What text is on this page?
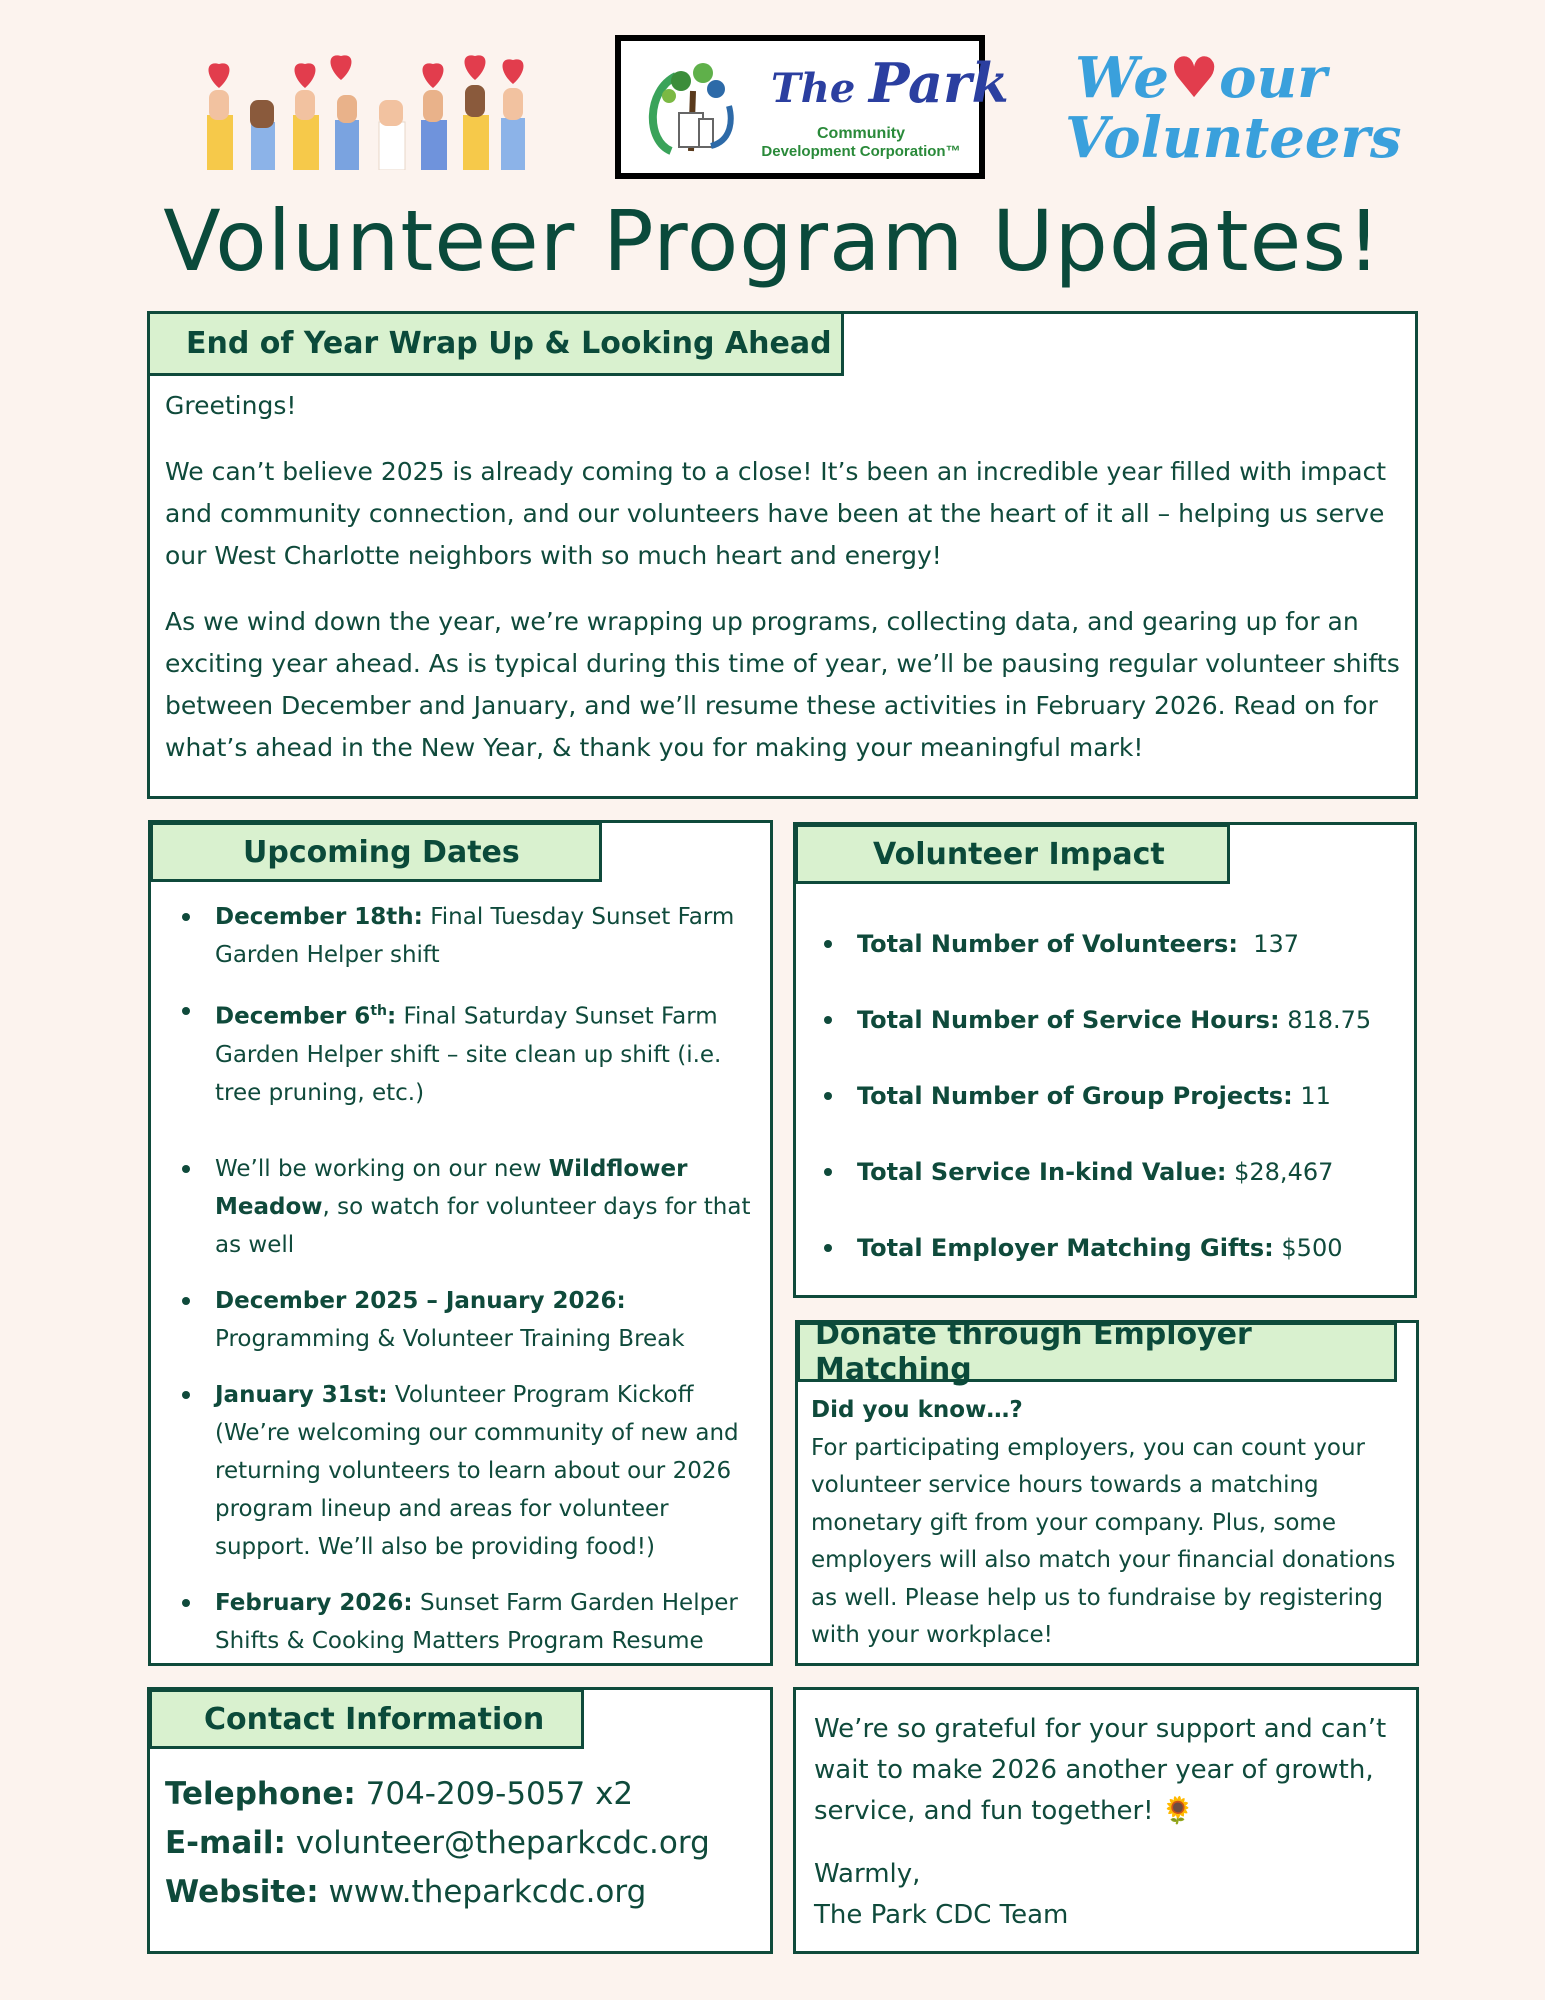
The Park
Community
Development Corporation™
We♥our
Volunteers
Volunteer Program Updates!
End of Year Wrap Up & Looking Ahead

Greetings!

We can’t believe 2025 is already coming to a close! It’s been an incredible year filled with impact and community connection, and our volunteers have been at the heart of it all – helping us serve our West Charlotte neighbors with so much heart and energy!

As we wind down the year, we’re wrapping up programs, collecting data, and gearing up for an exciting year ahead. As is typical during this time of year, we’ll be pausing regular volunteer shifts between December and January, and we’ll resume these activities in February 2026. Read on for what’s ahead in the New Year, & thank you for making your meaningful mark!

Upcoming Dates
December 18th: Final Tuesday Sunset Farm Garden Helper shift
December 6th: Final Saturday Sunset Farm Garden Helper shift – site clean up shift (i.e. tree pruning, etc.)
We’ll be working on our new Wildflower Meadow, so watch for volunteer days for that as well
December 2025 – January 2026:
Programming & Volunteer Training Break
January 31st: Volunteer Program Kickoff (We’re welcoming our community of new and returning volunteers to learn about our 2026 program lineup and areas for volunteer support. We’ll also be providing food!)
February 2026: Sunset Farm Garden Helper Shifts & Cooking Matters Program Resume
Volunteer Impact
Total Number of Volunteers: 137
Total Number of Service Hours: 818.75
Total Number of Group Projects: 11
Total Service In-kind Value: $28,467
Total Employer Matching Gifts: $500
Donate through Employer Matching
Did you know…?
For participating employers, you can count your volunteer service hours towards a matching monetary gift from your company. Plus, some employers will also match your financial donations as well. Please help us to fundraise by registering with your workplace!
Contact Information
Telephone: 704-209-5057 x2
E-mail: volunteer@theparkcdc.org
Website: www.theparkcdc.org

We’re so grateful for your support and can’t wait to make 2026 another year of growth, service, and fun together! 🌻

Warmly,
The Park CDC Team
